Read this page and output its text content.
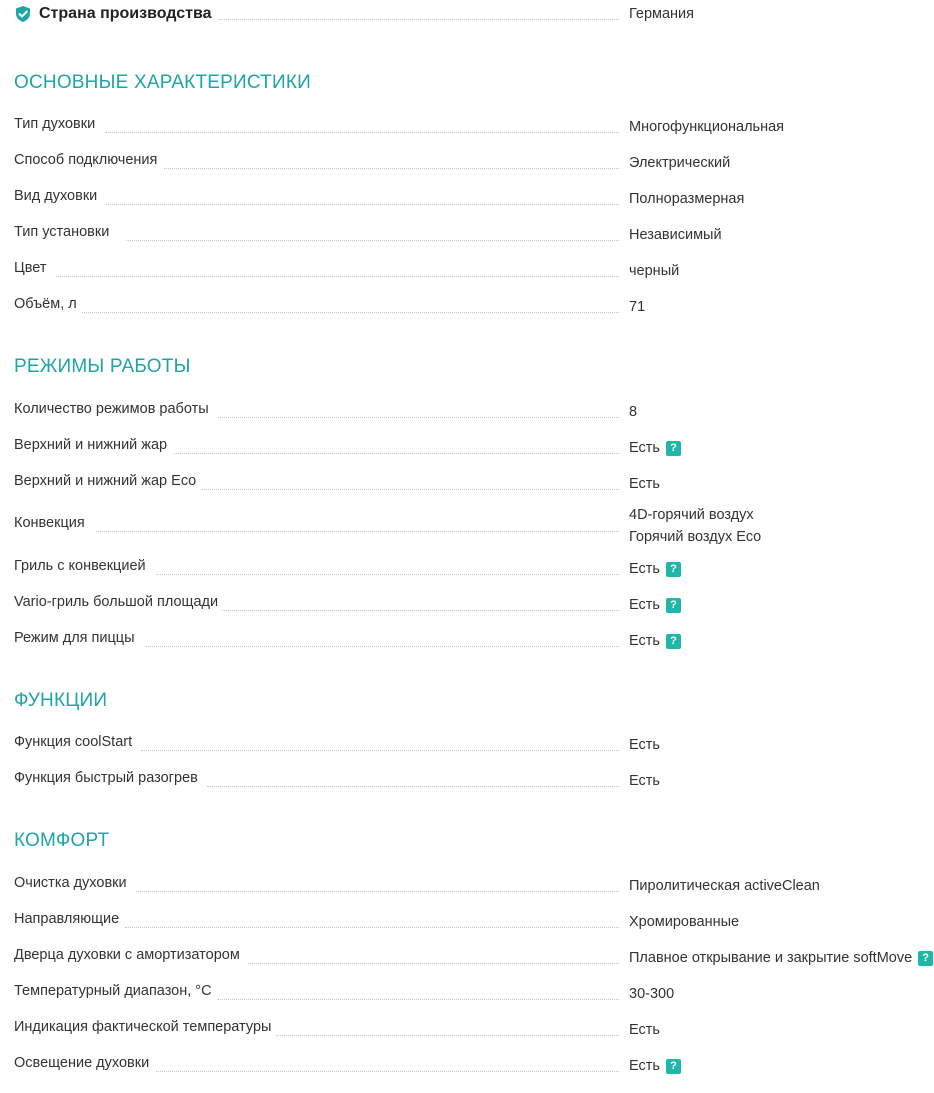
Страна производства	Германия
ОСНОВНЫЕ ХАРАКТЕРИСТИКИ
Тип духовки	Многофункциональная
Способ подключения	Электрический
Вид духовки	Полноразмерная
Тип установки	Независимый
Цвет	черный
Объём, л	71
РЕЖИМЫ РАБОТЫ
Количество режимов работы	8
Верхний и нижний жар	Есть ?
Верхний и нижний жар Eco	Есть
Конвекция	4D-горячий воздух
Горячий воздух Eco
Гриль с конвекцией	Есть ?
Vario-гриль большой площади	Есть ?
Режим для пиццы	Есть ?
ФУНКЦИИ
Функция coolStart	Есть
Функция быстрый разогрев	Есть
КОМФОРТ
Очистка духовки	Пиролитическая activeClean
Направляющие	Хромированные
Дверца духовки с амортизатором	Плавное открывание и закрытие softMove ?
Температурный диапазон, °С	30-300
Индикация фактической температуры	Есть
Освещение духовки	Есть ?
